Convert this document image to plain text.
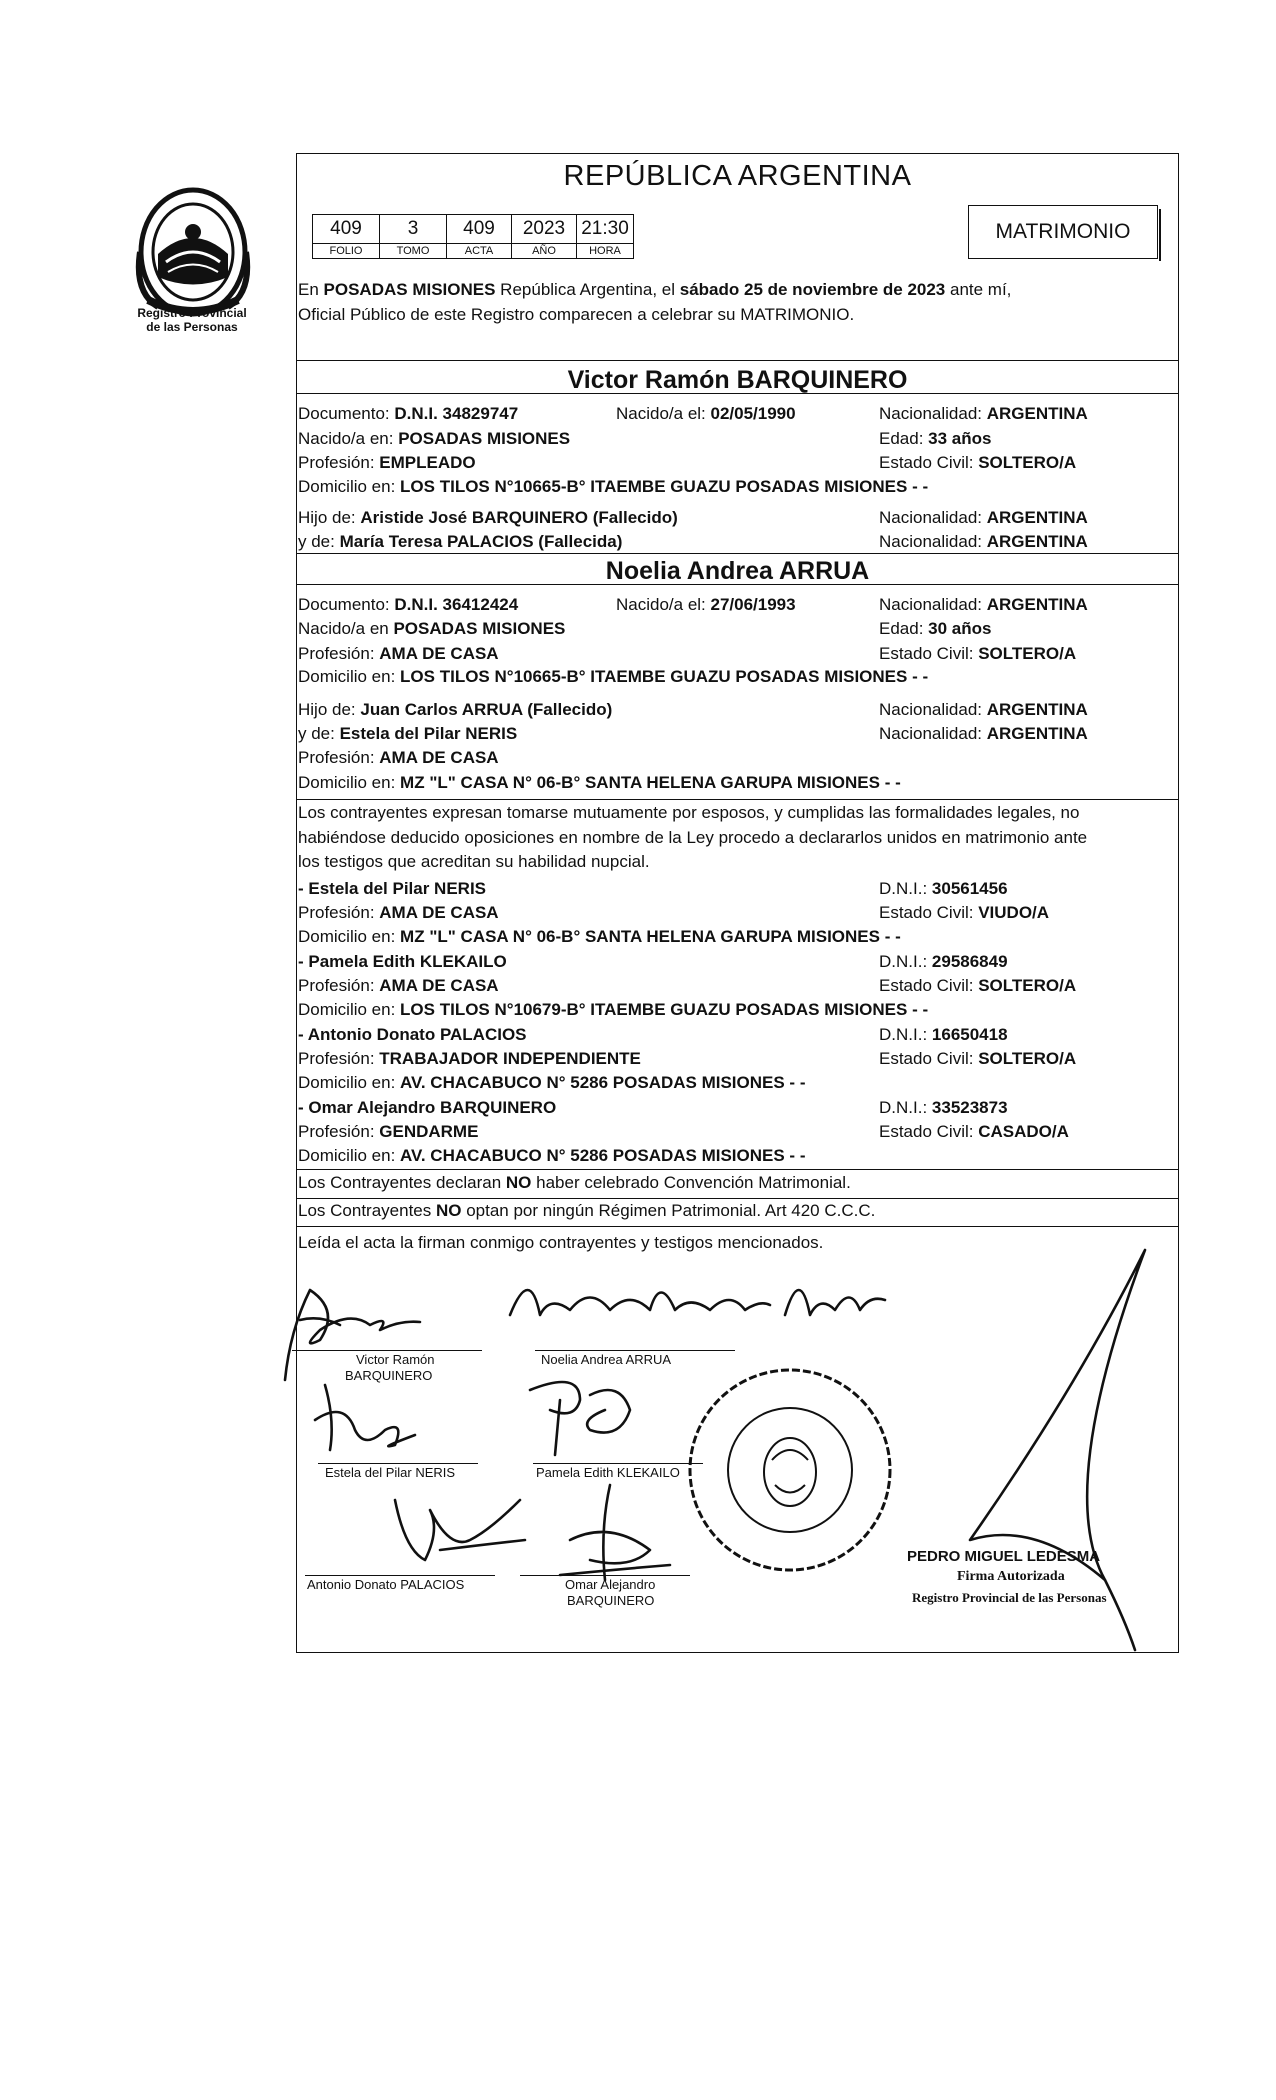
Registro Provincial
de las Personas
REPÚBLICA ARGENTINA
409	3	409	2023	21:30
FOLIO	TOMO	ACTA	AÑO	HORA
MATRIMONIO
En POSADAS MISIONES República Argentina, el sábado 25 de noviembre de 2023 ante mí,
Oficial Público de este Registro comparecen a celebrar su MATRIMONIO.
Victor Ramón BARQUINERO
Documento: D.N.I. 34829747	Nacido/a el: 02/05/1990	Nacionalidad: ARGENTINA
Nacido/a en: POSADAS MISIONES	Edad: 33 años
Profesión: EMPLEADO	Estado Civil: SOLTERO/A
Domicilio en: LOS TILOS N°10665-B° ITAEMBE GUAZU POSADAS MISIONES - -
Hijo de: Aristide José BARQUINERO (Fallecido)	Nacionalidad: ARGENTINA
y de: María Teresa PALACIOS (Fallecida)	Nacionalidad: ARGENTINA
Noelia Andrea ARRUA
Documento: D.N.I. 36412424	Nacido/a el: 27/06/1993	Nacionalidad: ARGENTINA
Nacido/a en POSADAS MISIONES	Edad: 30 años
Profesión: AMA DE CASA	Estado Civil: SOLTERO/A
Domicilio en: LOS TILOS N°10665-B° ITAEMBE GUAZU POSADAS MISIONES - -
Hijo de: Juan Carlos ARRUA (Fallecido)	Nacionalidad: ARGENTINA
y de: Estela del Pilar NERIS	Nacionalidad: ARGENTINA
Profesión: AMA DE CASA
Domicilio en: MZ "L" CASA N° 06-B° SANTA HELENA GARUPA MISIONES - -
Los contrayentes expresan tomarse mutuamente por esposos, y cumplidas las formalidades legales, no
habiéndose deducido oposiciones en nombre de la Ley procedo a declararlos unidos en matrimonio ante
los testigos que acreditan su habilidad nupcial.
- Estela del Pilar NERIS	D.N.I.: 30561456
Profesión: AMA DE CASA	Estado Civil: VIUDO/A
Domicilio en: MZ "L" CASA N° 06-B° SANTA HELENA GARUPA MISIONES - -
- Pamela Edith KLEKAILO	D.N.I.: 29586849
Profesión: AMA DE CASA	Estado Civil: SOLTERO/A
Domicilio en: LOS TILOS N°10679-B° ITAEMBE GUAZU POSADAS MISIONES - -
- Antonio Donato PALACIOS	D.N.I.: 16650418
Profesión: TRABAJADOR INDEPENDIENTE	Estado Civil: SOLTERO/A
Domicilio en: AV. CHACABUCO N° 5286 POSADAS MISIONES - -
- Omar Alejandro BARQUINERO	D.N.I.: 33523873
Profesión: GENDARME	Estado Civil: CASADO/A
Domicilio en: AV. CHACABUCO N° 5286 POSADAS MISIONES - -
Los Contrayentes declaran NO haber celebrado Convención Matrimonial.
Los Contrayentes NO optan por ningún Régimen Patrimonial. Art 420 C.C.C.
Leída el acta la firman conmigo contrayentes y testigos mencionados.
Victor Ramón
BARQUINERO
Noelia Andrea ARRUA
Estela del Pilar NERIS	Pamela Edith KLEKAILO
Antonio Donato PALACIOS	Omar Alejandro
BARQUINERO
PEDRO MIGUEL LEDESMA
Firma Autorizada
Registro Provincial de las Personas
